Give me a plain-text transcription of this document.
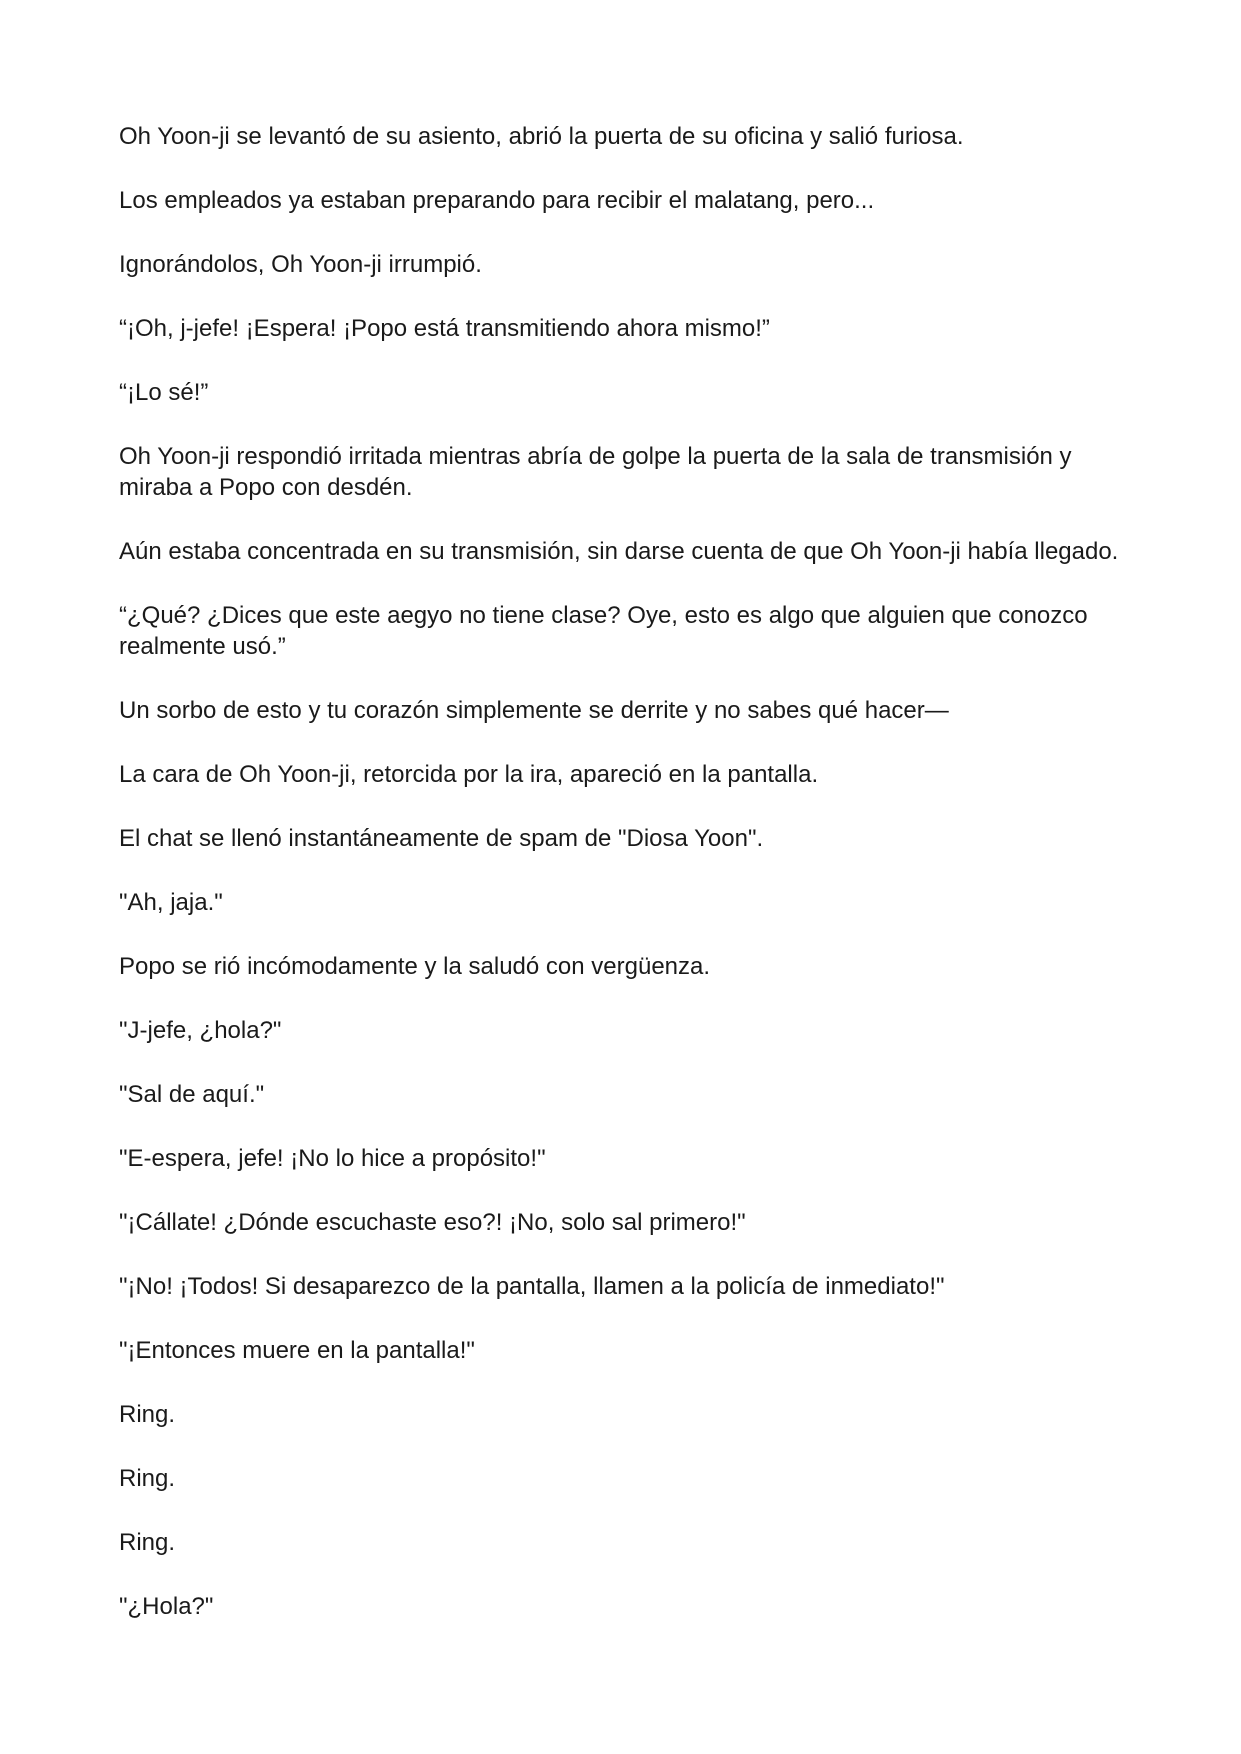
Oh Yoon-ji se levantó de su asiento, abrió la puerta de su oficina y salió furiosa.

Los empleados ya estaban preparando para recibir el malatang, pero...

Ignorándolos, Oh Yoon-ji irrumpió.

“¡Oh, j-jefe! ¡Espera! ¡Popo está transmitiendo ahora mismo!”

“¡Lo sé!”

Oh Yoon-ji respondió irritada mientras abría de golpe la puerta de la sala de transmisión y miraba a Popo con desdén.

Aún estaba concentrada en su transmisión, sin darse cuenta de que Oh Yoon-ji había llegado.

“¿Qué? ¿Dices que este aegyo no tiene clase? Oye, esto es algo que alguien que conozco realmente usó.”

Un sorbo de esto y tu corazón simplemente se derrite y no sabes qué hacer—

La cara de Oh Yoon-ji, retorcida por la ira, apareció en la pantalla.

El chat se llenó instantáneamente de spam de "Diosa Yoon".

"Ah, jaja."

Popo se rió incómodamente y la saludó con vergüenza.

"J-jefe, ¿hola?"

"Sal de aquí."

"E-espera, jefe! ¡No lo hice a propósito!"

"¡Cállate! ¿Dónde escuchaste eso?! ¡No, solo sal primero!"

"¡No! ¡Todos! Si desaparezco de la pantalla, llamen a la policía de inmediato!"

"¡Entonces muere en la pantalla!"

Ring.

Ring.

Ring.

"¿Hola?"
